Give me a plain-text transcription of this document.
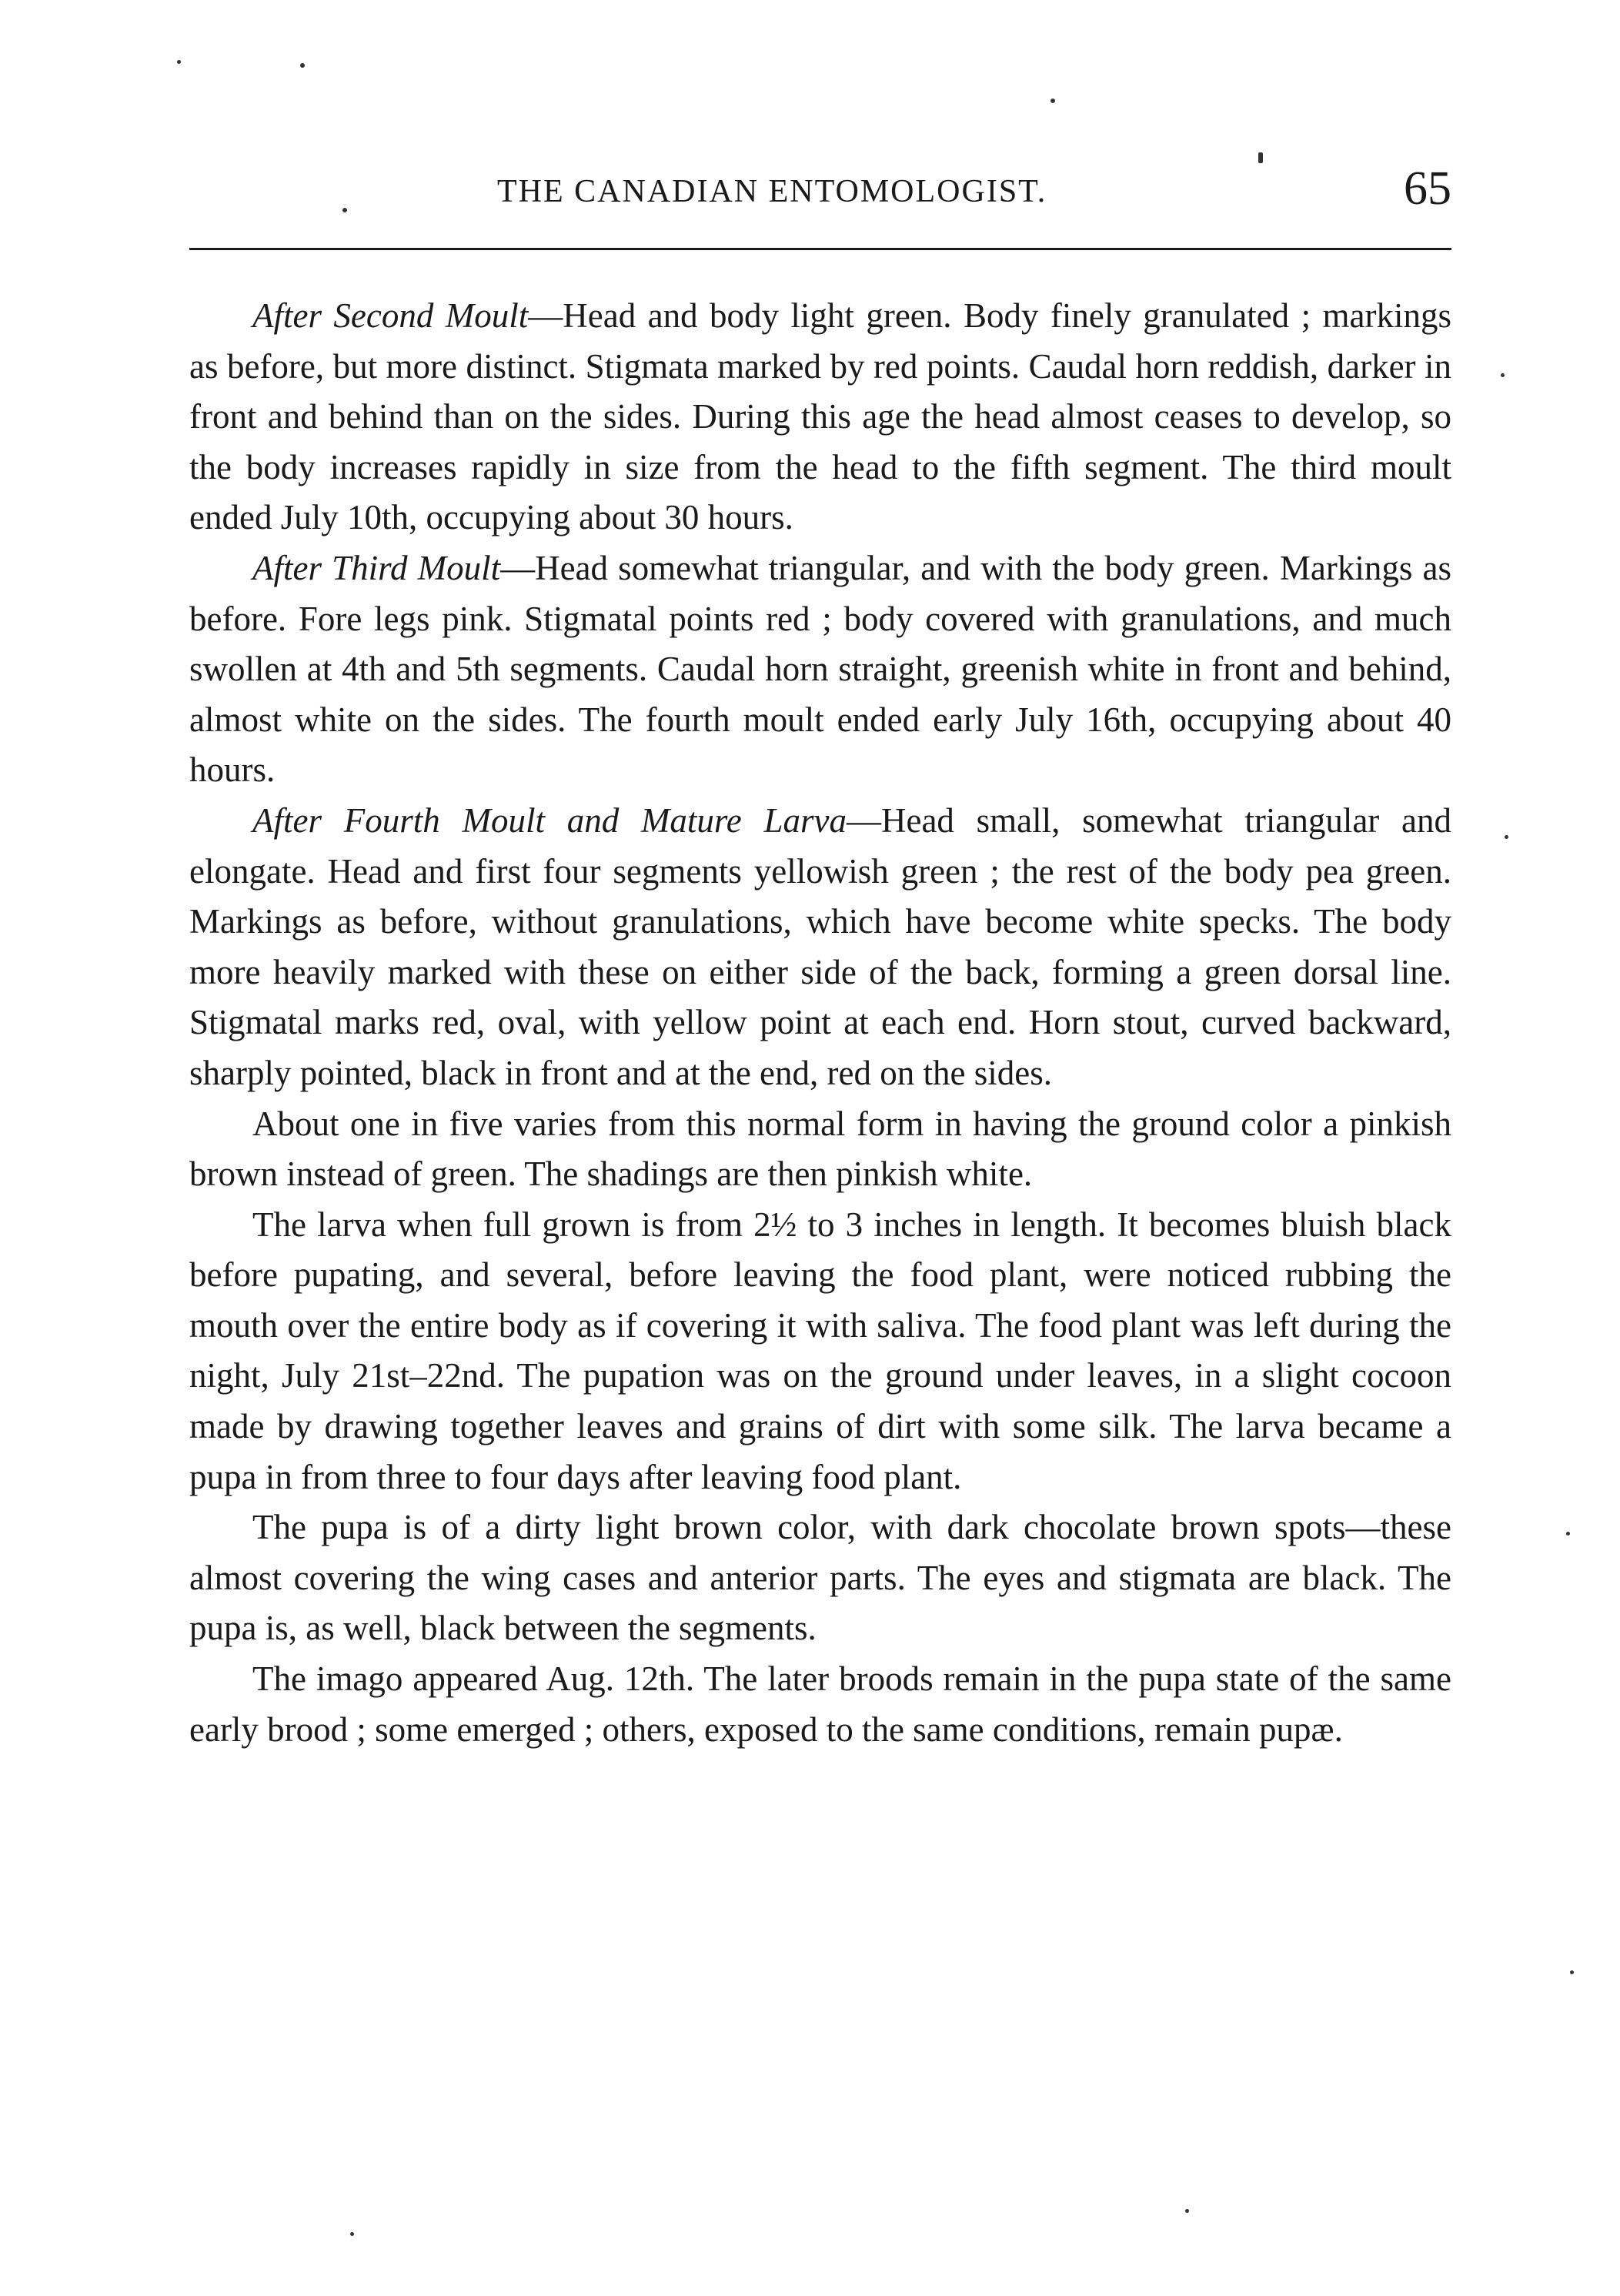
THE CANADIAN ENTOMOLOGIST.	65

After Second Moult—Head and body light green. Body finely granulated ; markings as before, but more distinct. Stigmata marked by red points. Caudal horn reddish, darker in front and behind than on the sides. During this age the head almost ceases to develop, so the body increases rapidly in size from the head to the fifth segment. The third moult ended July 10th, occupying about 30 hours.

After Third Moult—Head somewhat triangular, and with the body green. Markings as before. Fore legs pink. Stigmatal points red ; body covered with granulations, and much swollen at 4th and 5th segments. Caudal horn straight, greenish white in front and behind, almost white on the sides. The fourth moult ended early July 16th, occupying about 40 hours.

After Fourth Moult and Mature Larva—Head small, somewhat triangular and elongate. Head and first four segments yellowish green ; the rest of the body pea green. Markings as before, without granulations, which have become white specks. The body more heavily marked with these on either side of the back, forming a green dorsal line. Stigmatal marks red, oval, with yellow point at each end. Horn stout, curved backward, sharply pointed, black in front and at the end, red on the sides.

About one in five varies from this normal form in having the ground color a pinkish brown instead of green. The shadings are then pinkish white.

The larva when full grown is from 2½ to 3 inches in length. It becomes bluish black before pupating, and several, before leaving the food plant, were noticed rubbing the mouth over the entire body as if covering it with saliva. The food plant was left during the night, July 21st–22nd. The pupation was on the ground under leaves, in a slight cocoon made by drawing together leaves and grains of dirt with some silk. The larva became a pupa in from three to four days after leaving food plant.

The pupa is of a dirty light brown color, with dark chocolate brown spots—these almost covering the wing cases and anterior parts. The eyes and stigmata are black. The pupa is, as well, black between the segments.

The imago appeared Aug. 12th. The later broods remain in the pupa state of the same early brood ; some emerged ; others, exposed to the same conditions, remain pupæ.
